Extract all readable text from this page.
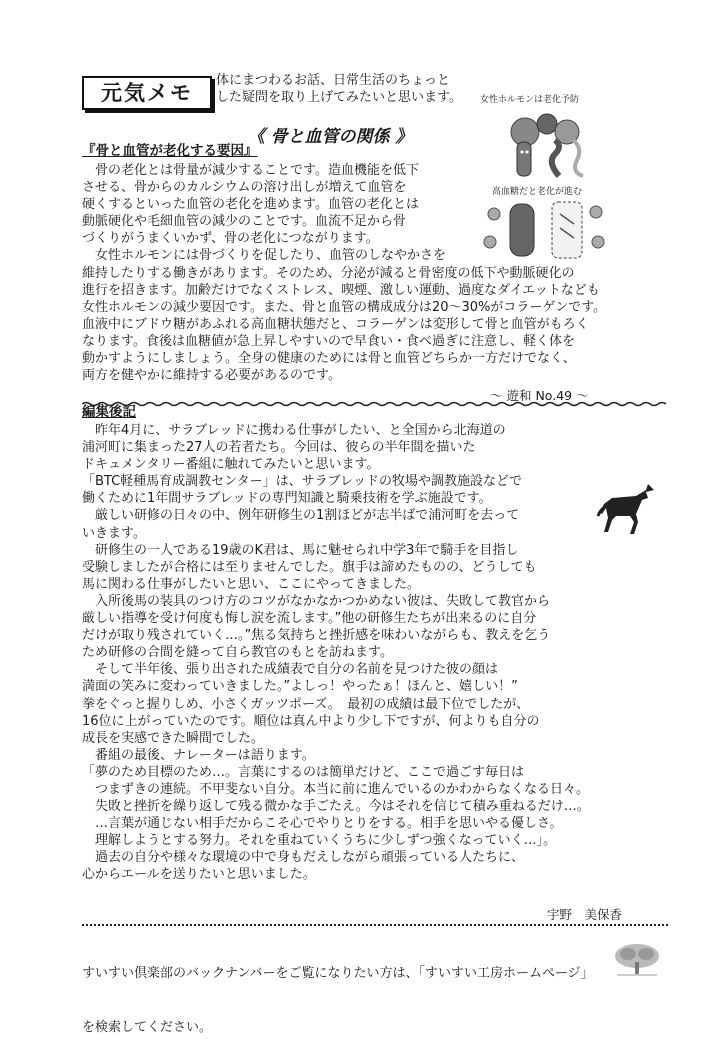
元気メモ
体にまつわるお話、日常生活のちょっと
した疑問を取り上げてみたいと思います。	女性ホルモンは老化予防
高血糖だと老化が進む
《 骨と血管の関係 》
『骨と血管が老化する要因』
　骨の老化とは骨量が減少することです。造血機能を低下
させる、骨からのカルシウムの溶け出しが増えて血管を
硬くするといった血管の老化を進めます。血管の老化とは
動脈硬化や毛細血管の減少のことです。血流不足から骨
づくりがうまくいかず、骨の老化につながります。
　女性ホルモンには骨づくりを促したり、血管のしなやかさを
維持したりする働きがあります。そのため、分泌が減ると骨密度の低下や動脈硬化の
進行を招きます。加齢だけでなくストレス、喫煙、激しい運動、過度なダイエットなども
女性ホルモンの減少要因です。また、骨と血管の構成成分は20～30%がコラーゲンです。
血液中にブドウ糖があふれる高血糖状態だと、コラーゲンは変形して骨と血管がもろく
なります。食後は血糖値が急上昇しやすいので早食い・食べ過ぎに注意し、軽く体を
動かすようにしましょう。全身の健康のためには骨と血管どちらか一方だけでなく、
両方を健やかに維持する必要があるのです。
～ 遊和 No.49 ～
編集後記
　昨年4月に、サラブレッドに携わる仕事がしたい、と全国から北海道の
浦河町に集まった27人の若者たち。今回は、彼らの半年間を描いた
ドキュメンタリー番組に触れてみたいと思います。
「BTC軽種馬育成調教センター」は、サラブレッドの牧場や調教施設などで
働くために1年間サラブレッドの専門知識と騎乗技術を学ぶ施設です。
　厳しい研修の日々の中、例年研修生の1割ほどが志半ばで浦河町を去って
いきます。
　研修生の一人である19歳のK君は、馬に魅せられ中学3年で騎手を目指し
受験しましたが合格には至りませんでした。旗手は諦めたものの、どうしても
馬に関わる仕事がしたいと思い、ここにやってきました。
　入所後馬の装具のつけ方のコツがなかなかつかめない彼は、失敗して教官から
厳しい指導を受け何度も悔し涙を流します。”他の研修生たちが出来るのに自分
だけが取り残されていく…。”焦る気持ちと挫折感を味わいながらも、教えを乞う
ため研修の合間を縫って自ら教官のもとを訪ねます。
　そして半年後、張り出された成績表で自分の名前を見つけた彼の顔は
満面の笑みに変わっていきました。”よしっ！やったぁ！ほんと、嬉しい！”
拳をぐっと握りしめ、小さくガッツポーズ。　最初の成績は最下位でしたが、
16位に上がっていたのです。順位は真ん中より少し下ですが、何よりも自分の
成長を実感できた瞬間でした。
　番組の最後、ナレーターは語ります。
「夢のため目標のため…。言葉にするのは簡単だけど、ここで過ごす毎日は
　つまずきの連続。不甲斐ない自分。本当に前に進んでいるのかわからなくなる日々。
　失敗と挫折を繰り返して残る微かな手ごたえ。今はそれを信じて積み重ねるだけ…。
　…言葉が通じない相手だからこそ心でやりとりをする。相手を思いやる優しさ。
　理解しようとする努力。それを重ねていくうちに少しずつ強くなっていく…」。
　過去の自分や様々な環境の中で身もだえしながら頑張っている人たちに、
心からエールを送りたいと思いました。
宇野　美保香

すいすい倶楽部のバックナンバーをご覧になりたい方は、「すいすい工房ホームページ」

を検索してください。
